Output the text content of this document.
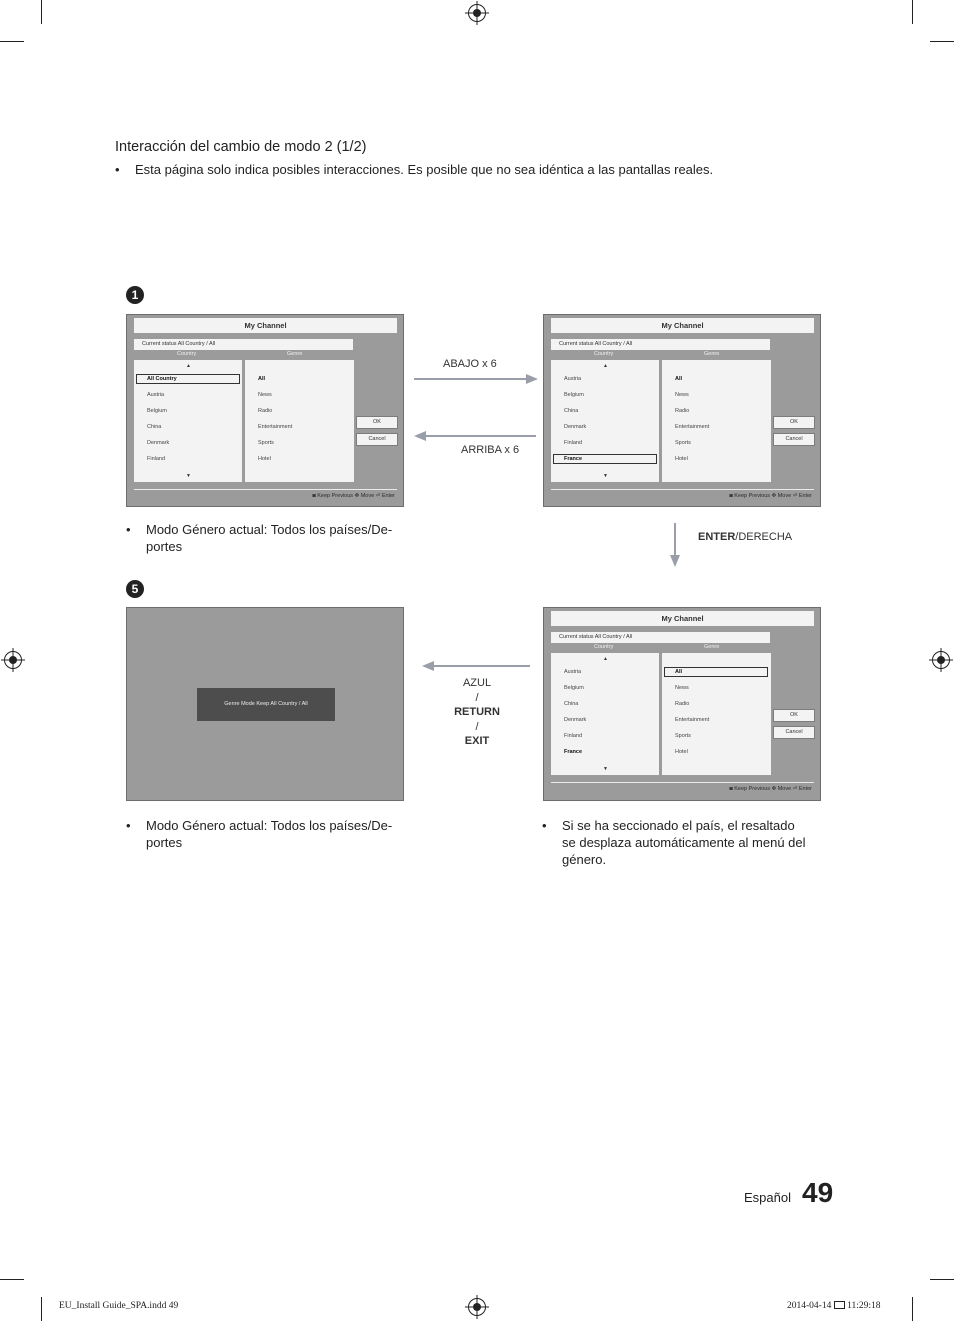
Interacción del cambio de modo 2 (1/2)
• Esta página solo indica posibles interacciones. Es posible que no sea idéntica a las pantallas reales.
1
5
My Channel
Current status All Country / All
Country	Genre
▲
All Country
Austria
Belgium
China
Denmark
Finland
▼
All
News
Radio
Entertainment
Sports
Hotel
OK
Cancel
◙ Keep Previous ✥ Move ⏎ Enter
My Channel
Current status All Country / All
Country	Genre
▲
Austria
Belgium
China
Denmark
Finland
France
▼
All
News
Radio
Entertainment
Sports
Hotel
OK
Cancel
◙ Keep Previous ✥ Move ⏎ Enter
Genre Mode Keep All Country / All
My Channel
Current status All Country / All
Country	Genre
▲
Austria
Belgium
China
Denmark
Finland
France
▼
All
News
Radio
Entertainment
Sports
Hotel
OK
Cancel
◙ Keep Previous ✥ Move ⏎ Enter
ABAJO x 6
ARRIBA x 6
ENTER/DERECHA
AZUL
/
RETURN
/
EXIT
• Modo Género actual: Todos los países/De-
portes
• Modo Género actual: Todos los países/De-
portes
• Si se ha seccionado el país, el resaltado
se desplaza automáticamente al menú del
género.
Español 49
EU_Install Guide_SPA.indd 49	2014-04-14 11:29:18
